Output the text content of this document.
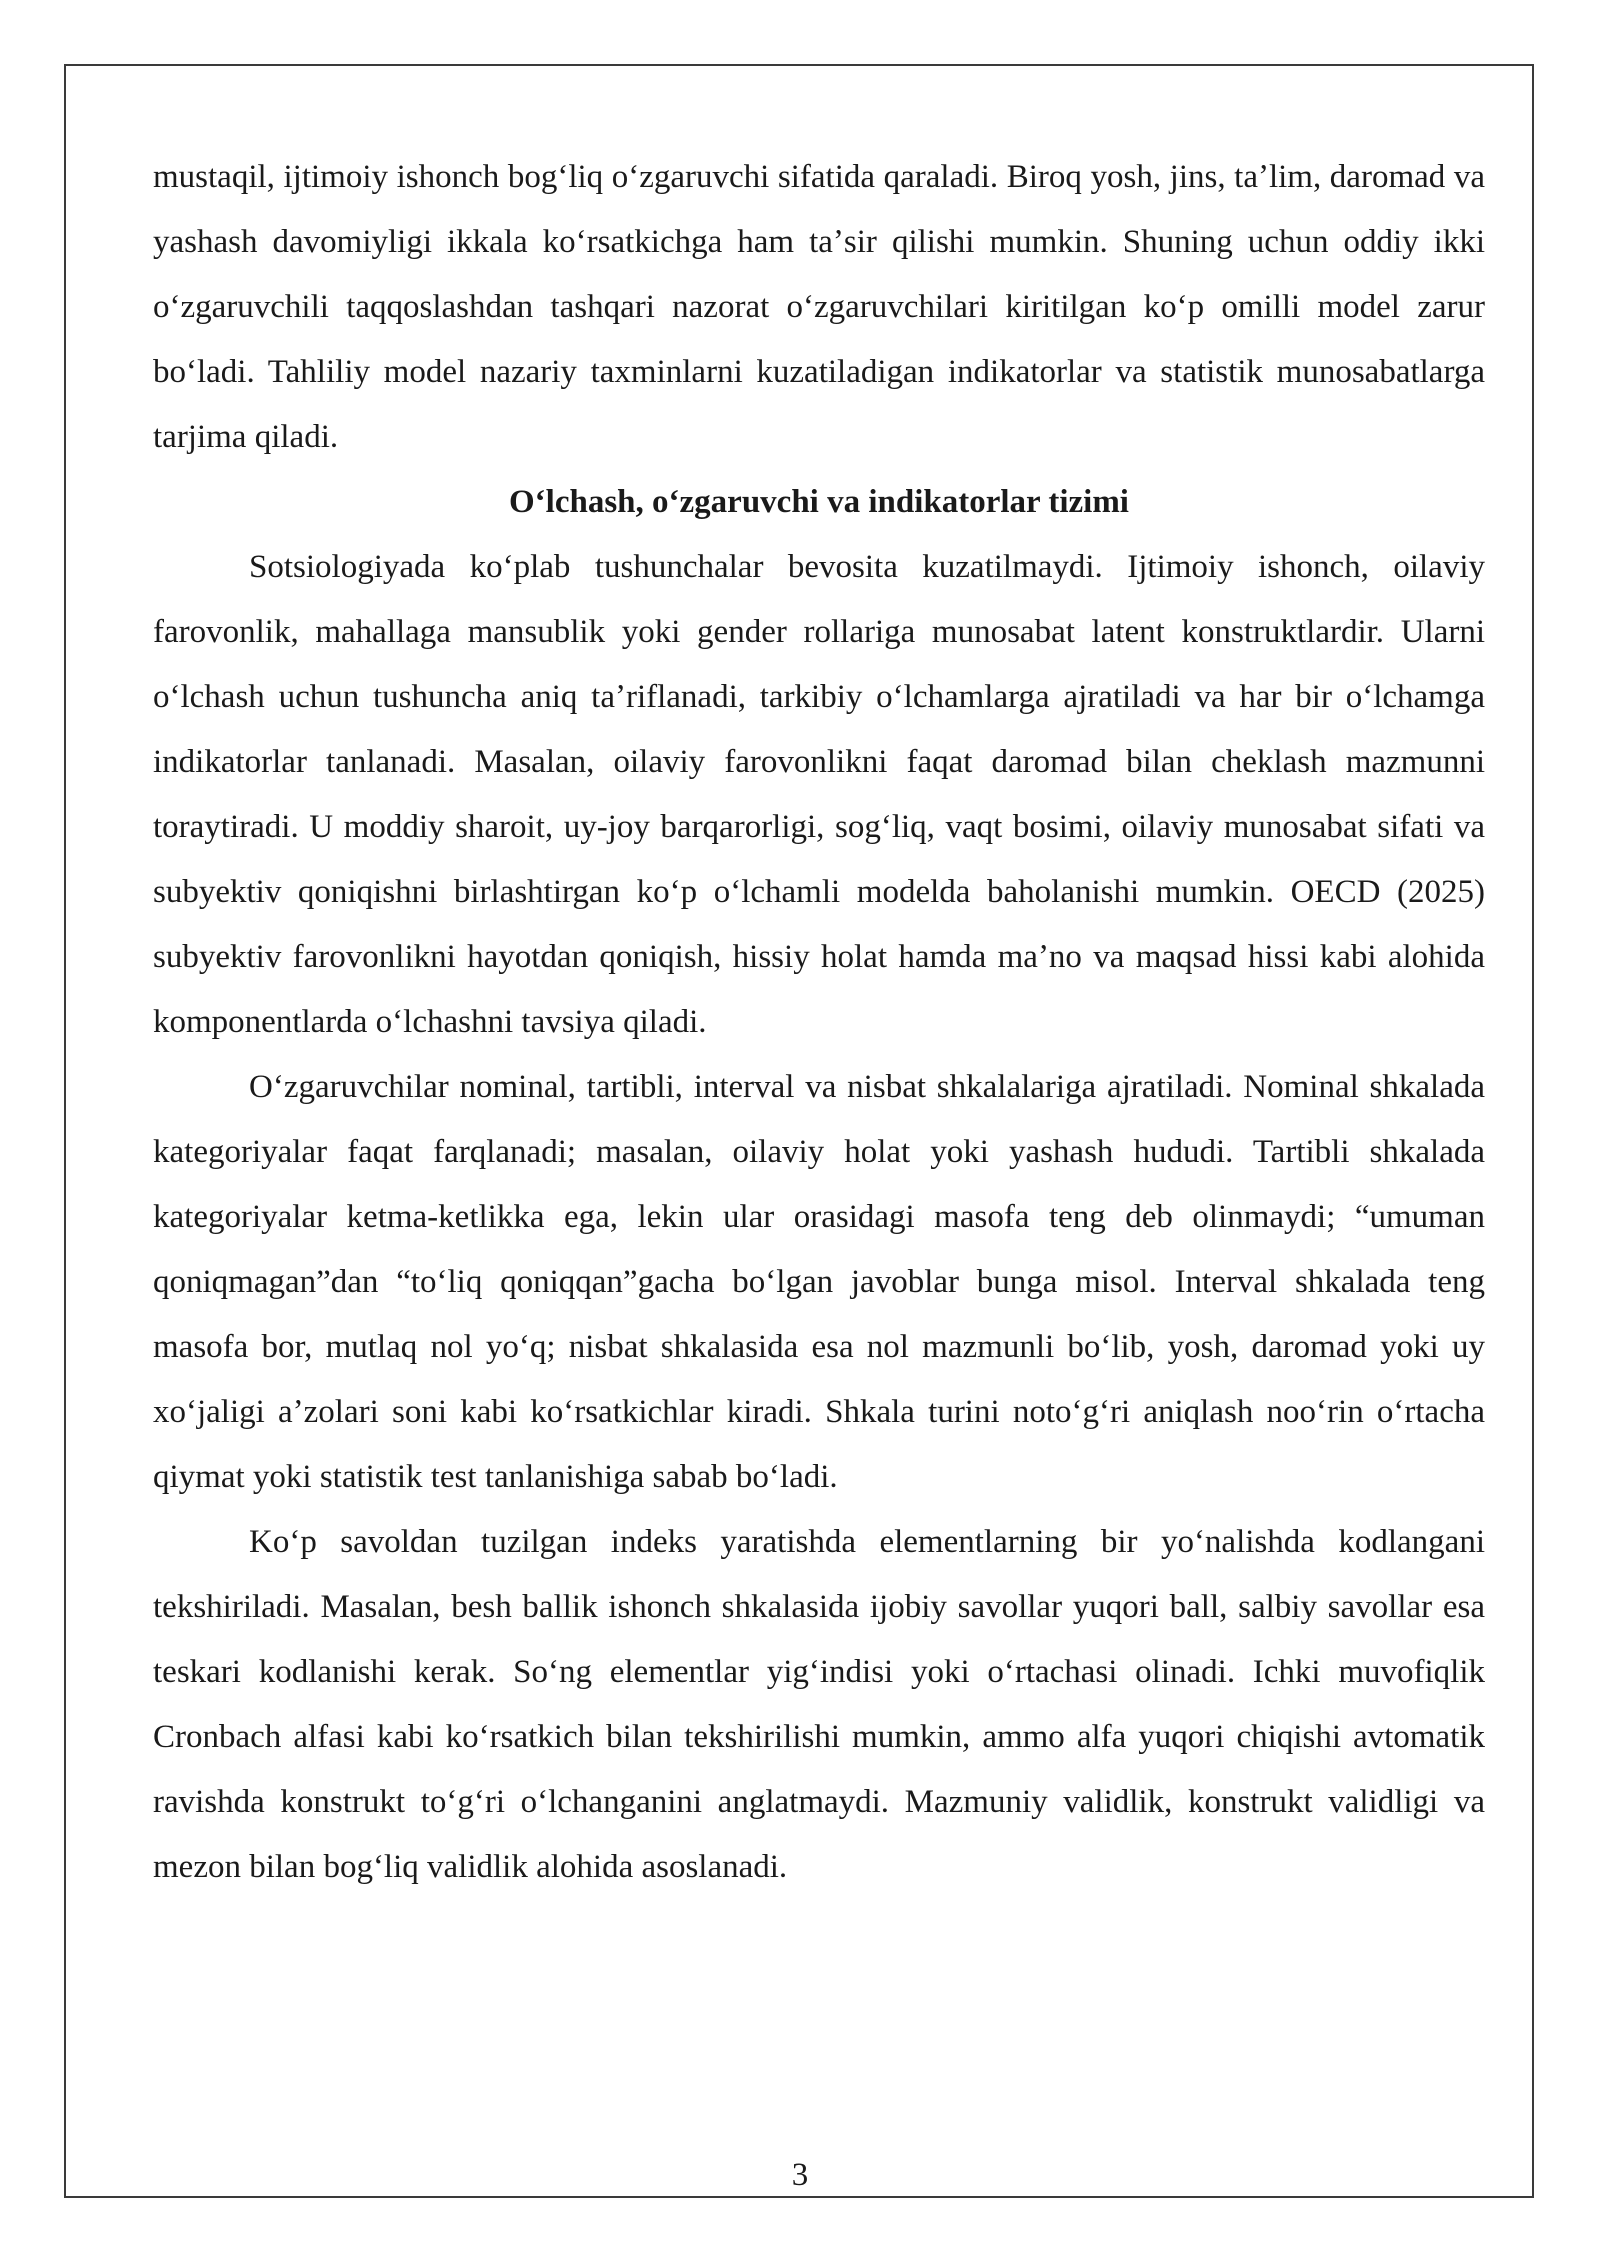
mustaqil, ijtimoiy ishonch bogʻliq oʻzgaruvchi sifatida qaraladi. Biroq yosh, jins, taʼlim, daromad va yashash davomiyligi ikkala koʻrsatkichga ham taʼsir qilishi mumkin. Shuning uchun oddiy ikki oʻzgaruvchili taqqoslashdan tashqari nazorat oʻzgaruvchilari kiritilgan koʻp omilli model zarur boʻladi. Tahliliy model nazariy taxminlarni kuzatiladigan indikatorlar va statistik munosabatlarga tarjima qiladi.

Oʻlchash, oʻzgaruvchi va indikatorlar tizimi

Sotsiologiyada koʻplab tushunchalar bevosita kuzatilmaydi. Ijtimoiy ishonch, oilaviy farovonlik, mahallaga mansublik yoki gender rollariga munosabat latent konstruktlardir. Ularni oʻlchash uchun tushuncha aniq taʼriflanadi, tarkibiy oʻlchamlarga ajratiladi va har bir oʻlchamga indikatorlar tanlanadi. Masalan, oilaviy farovonlikni faqat daromad bilan cheklash mazmunni toraytiradi. U moddiy sharoit, uy-joy barqarorligi, sogʻliq, vaqt bosimi, oilaviy munosabat sifati va subyektiv qoniqishni birlashtirgan koʻp oʻlchamli modelda baholanishi mumkin. OECD (2025) subyektiv farovonlikni hayotdan qoniqish, hissiy holat hamda maʼno va maqsad hissi kabi alohida komponentlarda oʻlchashni tavsiya qiladi.

Oʻzgaruvchilar nominal, tartibli, interval va nisbat shkalalariga ajratiladi. Nominal shkalada kategoriyalar faqat farqlanadi; masalan, oilaviy holat yoki yashash hududi. Tartibli shkalada kategoriyalar ketma-ketlikka ega, lekin ular orasidagi masofa teng deb olinmaydi; “umuman qoniqmagan”dan “toʻliq qoniqqan”gacha boʻlgan javoblar bunga misol. Interval shkalada teng masofa bor, mutlaq nol yoʻq; nisbat shkalasida esa nol mazmunli boʻlib, yosh, daromad yoki uy xoʻjaligi aʼzolari soni kabi koʻrsatkichlar kiradi. Shkala turini notoʻgʻri aniqlash nooʻrin oʻrtacha qiymat yoki statistik test tanlanishiga sabab boʻladi.

Koʻp savoldan tuzilgan indeks yaratishda elementlarning bir yoʻnalishda kodlangani tekshiriladi. Masalan, besh ballik ishonch shkalasida ijobiy savollar yuqori ball, salbiy savollar esa teskari kodlanishi kerak. Soʻng elementlar yigʻindisi yoki oʻrtachasi olinadi. Ichki muvofiqlik Cronbach alfasi kabi koʻrsatkich bilan tekshirilishi mumkin, ammo alfa yuqori chiqishi avtomatik ravishda konstrukt toʻgʻri oʻlchanganini anglatmaydi. Mazmuniy validlik, konstrukt validligi va mezon bilan bogʻliq validlik alohida asoslanadi.

3
